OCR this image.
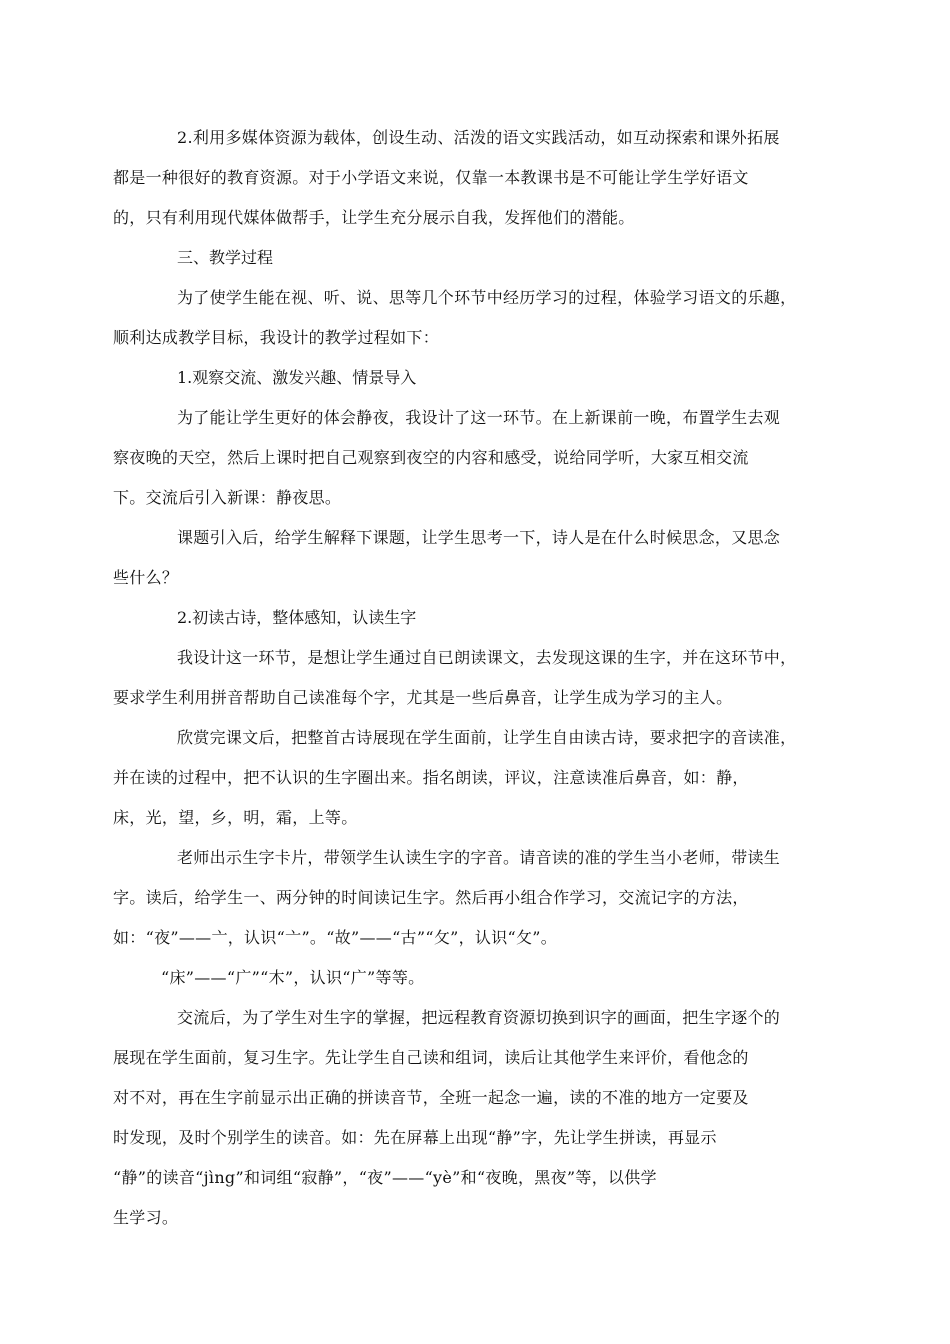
2.利用多媒体资源为载体，创设生动、活泼的语文实践活动，如互动探索和课外拓展
都是一种很好的教育资源。对于小学语文来说，仅靠一本教课书是不可能让学生学好语文
的，只有利用现代媒体做帮手，让学生充分展示自我，发挥他们的潜能。
三、教学过程
为了使学生能在视、听、说、思等几个环节中经历学习的过程，体验学习语文的乐趣，
顺利达成教学目标，我设计的教学过程如下：
1.观察交流、激发兴趣、情景导入
为了能让学生更好的体会静夜，我设计了这一环节。在上新课前一晚，布置学生去观
察夜晚的天空，然后上课时把自己观察到夜空的内容和感受，说给同学听，大家互相交流
下。交流后引入新课：静夜思。
课题引入后，给学生解释下课题，让学生思考一下，诗人是在什么时候思念，又思念
些什么？
2.初读古诗，整体感知，认读生字
我设计这一环节，是想让学生通过自已朗读课文，去发现这课的生字，并在这环节中，
要求学生利用拼音帮助自己读准每个字，尤其是一些后鼻音，让学生成为学习的主人。
欣赏完课文后，把整首古诗展现在学生面前，让学生自由读古诗，要求把字的音读准，
并在读的过程中，把不认识的生字圈出来。指名朗读，评议，注意读准后鼻音，如：静，
床，光，望，乡，明，霜，上等。
老师出示生字卡片，带领学生认读生字的字音。请音读的准的学生当小老师，带读生
字。读后，给学生一、两分钟的时间读记生字。然后再小组合作学习，交流记字的方法，
如：“夜”——亠，认识“亠”。“故”——“古”“攵”，认识“攵”。
“床”——“广”“木”，认识“广”等等。
交流后，为了学生对生字的掌握，把远程教育资源切换到识字的画面，把生字逐个的
展现在学生面前，复习生字。先让学生自己读和组词，读后让其他学生来评价，看他念的
对不对，再在生字前显示出正确的拼读音节，全班一起念一遍，读的不准的地方一定要及
时发现，及时个别学生的读音。如：先在屏幕上出现“静”字，先让学生拼读，再显示
“静”的读音“jìng”和词组“寂静”，“夜”——“yè”和“夜晚，黑夜”等，以供学
生学习。
